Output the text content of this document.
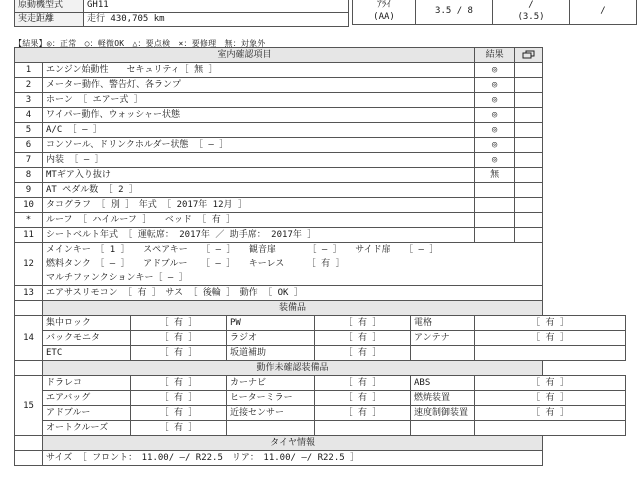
原動機型式	GH11
実走距離	走行 430,705 km
ｱﾗｲ
(AA)
	3.5 / 8	
/
(3.5)
	/
【結果】◎：正常　○：軽微OK　△：要点検　×：要修理　無：対象外
室内確認項目						結果	
1	エンジン始動性　　セキュリティ［ 無 ］					◎	
2	メーター動作、警告灯、各ランプ					◎	
3	ホーン ［ エアー式 ］					◎	
4	ワイパー動作、ウォッシャー状態					◎	
5	A/C ［ ― ］					◎	
6	コンソール、ドリンクホルダー状態 ［ ― ］					◎	
7	内装 ［ ― ］					◎	
8	MTギア入り抜け					無	
9	AT ペダル数 ［ 2 ］						
10	タコグラフ ［ 別 ］　年式 ［ 2017年 12月 ］						
*	ルーフ ［ ハイルーフ ］　　ベッド ［ 有 ］						
11	シートベルト年式 ［ 運転席： 2017年 ／ 助手席： 2017年 ］						
12	メインキー　［ 1 ］　　スペアキー　　［ ― ］　　観音扉　　　　［ ― ］　　サイド扉　　［ ― ］						
	燃料タンク　［ ― ］　　アドブルー　　［ ― ］　　キーレス　　　［ 有 ］						
	マルチファンクションキー［ ― ］						
13	エアサスリモコン ［ 有 ］　サス ［ 後輪 ］　動作 ［ OK ］						
	装備品						
14	集中ロック	［ 有 ］	PW	［ 有 ］	電格	［ 有 ］	
	バックモニタ	［ 有 ］	ラジオ	［ 有 ］	アンテナ	［ 有 ］	
	ETC	［ 有 ］	坂道補助	［ 有 ］			
	動作未確認装備品						
15	ドラレコ	［ 有 ］	カーナビ	［ 有 ］	ABS	［ 有 ］	
	エアバッグ	［ 有 ］	ヒーターミラー	［ 有 ］	燃焼装置	［ 有 ］	
	アドブルー	［ 有 ］	近接センサー	［ 有 ］	速度制御装置	［ 有 ］	
	オートクルーズ	［ 有 ］					
	タイヤ情報						
	サイズ ［ フロント：　11.00/ ―/ R22.5　リア：　11.00/ ―/ R22.5 ］						
